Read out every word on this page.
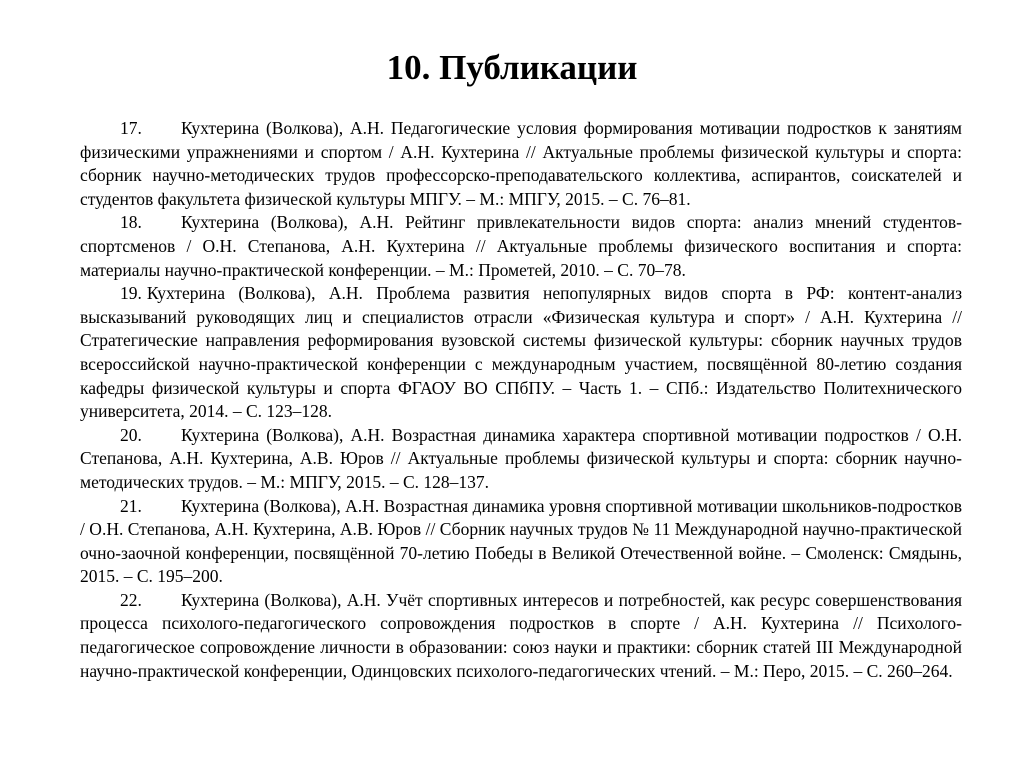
10. Публикации

17. Кухтерина (Волкова), А.Н. Педагогические условия формирования мотивации подростков к занятиям физическими упражнениями и спортом / А.Н. Кухтерина // Актуальные проблемы физической культуры и спорта: сборник научно-методических трудов профессорско-преподавательского коллектива, аспирантов, соискателей и студентов факультета физической культуры МПГУ. – М.: МПГУ, 2015. – С. 76–81.

18. Кухтерина (Волкова), А.Н. Рейтинг привлекательности видов спорта: анализ мнений студентов-спортсменов / О.Н. Степанова, А.Н. Кухтерина // Актуальные проблемы физического воспитания и спорта: материалы научно-практической конференции. – М.: Прометей, 2010. – С. 70–78.

19. Кухтерина (Волкова), А.Н. Проблема развития непопулярных видов спорта в РФ: контент-анализ высказываний руководящих лиц и специалистов отрасли «Физическая культура и спорт» / А.Н. Кухтерина // Стратегические направления реформирования вузовской системы физической культуры: сборник научных трудов всероссийской научно-практической конференции с международным участием, посвящённой 80-летию создания кафедры физической культуры и спорта ФГАОУ ВО СПбПУ. – Часть 1. – СПб.: Издательство Политехнического университета, 2014. – С. 123–128.

20. Кухтерина (Волкова), А.Н. Возрастная динамика характера спортивной мотивации подростков / О.Н. Степанова, А.Н. Кухтерина, А.В. Юров // Актуальные проблемы физической культуры и спорта: сборник научно-методических трудов. – М.: МПГУ, 2015. – С. 128–137.

21. Кухтерина (Волкова), А.Н. Возрастная динамика уровня спортивной мотивации школьников-подростков / О.Н. Степанова, А.Н. Кухтерина, А.В. Юров // Сборник научных трудов № 11 Международной научно-практической очно-заочной конференции, посвящённой 70-летию Победы в Великой Отечественной войне. – Смоленск: Смядынь, 2015. – С. 195–200.

22. Кухтерина (Волкова), А.Н. Учёт спортивных интересов и потребностей, как ресурс совершенствования процесса психолого-педагогического сопровождения подростков в спорте / А.Н. Кухтерина // Психолого-педагогическое сопровождение личности в образовании: союз науки и практики: сборник статей III Международной научно-практической конференции, Одинцовских психолого-педагогических чтений. – М.: Перо, 2015. – С. 260–264.
